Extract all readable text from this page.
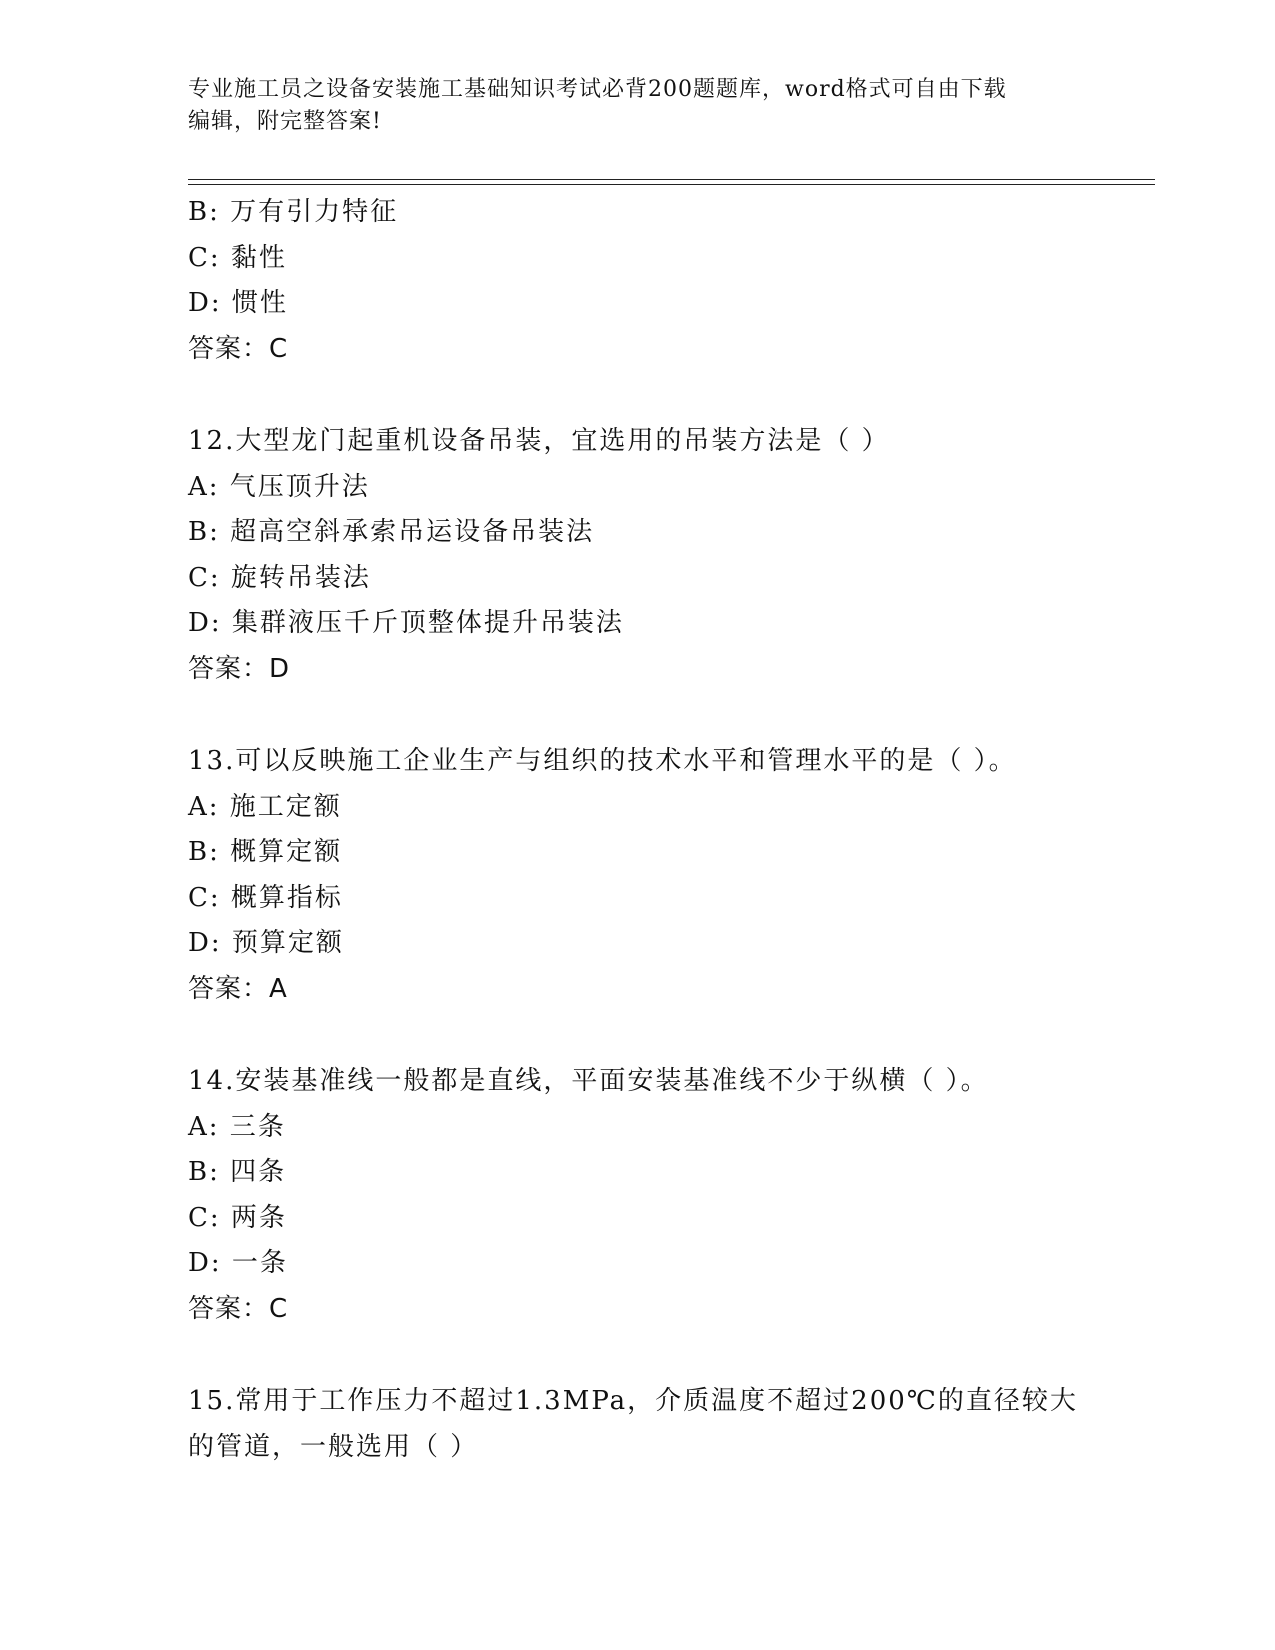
专业施工员之设备安装施工基础知识考试必背200题题库，word格式可自由下载
编辑，附完整答案!
B: 万有引力特征
C: 黏性
D: 惯性
答案：C
12.大型龙门起重机设备吊装，宜选用的吊装方法是（ ）
A: 气压顶升法
B: 超高空斜承索吊运设备吊装法
C: 旋转吊装法
D: 集群液压千斤顶整体提升吊装法
答案：D
13.可以反映施工企业生产与组织的技术水平和管理水平的是（ ）。
A: 施工定额
B: 概算定额
C: 概算指标
D: 预算定额
答案：A
14.安装基准线一般都是直线，平面安装基准线不少于纵横（ ）。
A: 三条
B: 四条
C: 两条
D: 一条
答案：C
15.常用于工作压力不超过1.3MPa，介质温度不超过200℃的直径较大
的管道，一般选用（ ）
